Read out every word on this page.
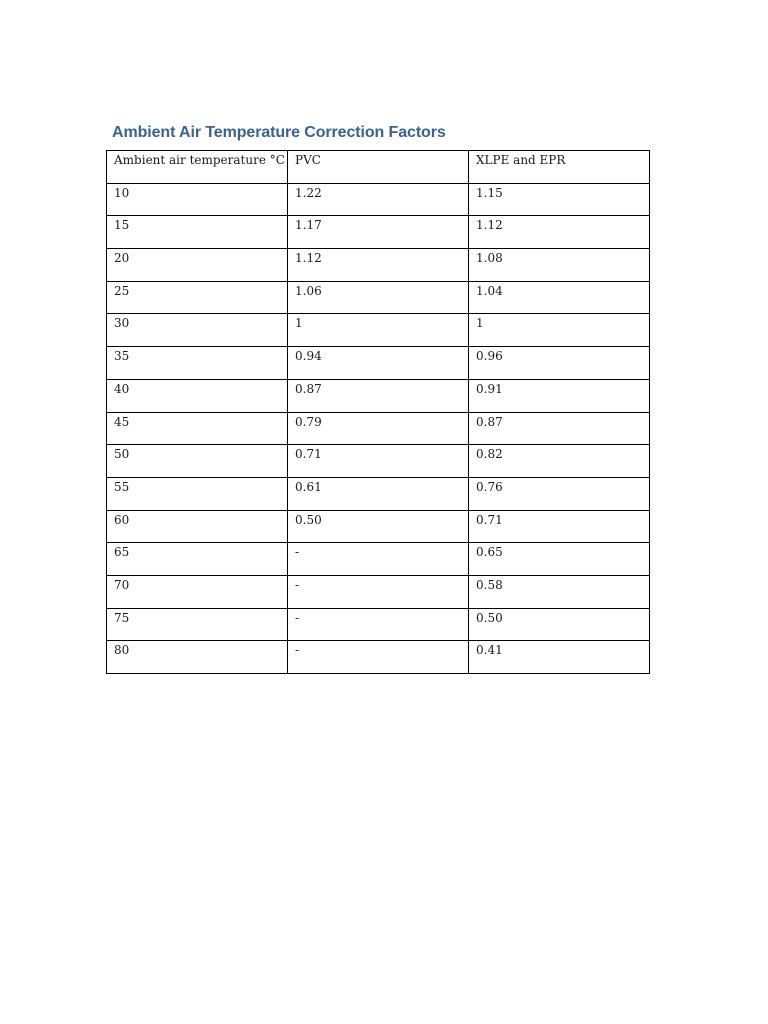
Ambient Air Temperature Correction Factors
Ambient air temperature °C	PVC	XLPE and EPR
10	1.22	1.15
15	1.17	1.12
20	1.12	1.08
25	1.06	1.04
30	1	1
35	0.94	0.96
40	0.87	0.91
45	0.79	0.87
50	0.71	0.82
55	0.61	0.76
60	0.50	0.71
65	-	0.65
70	-	0.58
75	-	0.50
80	-	0.41
